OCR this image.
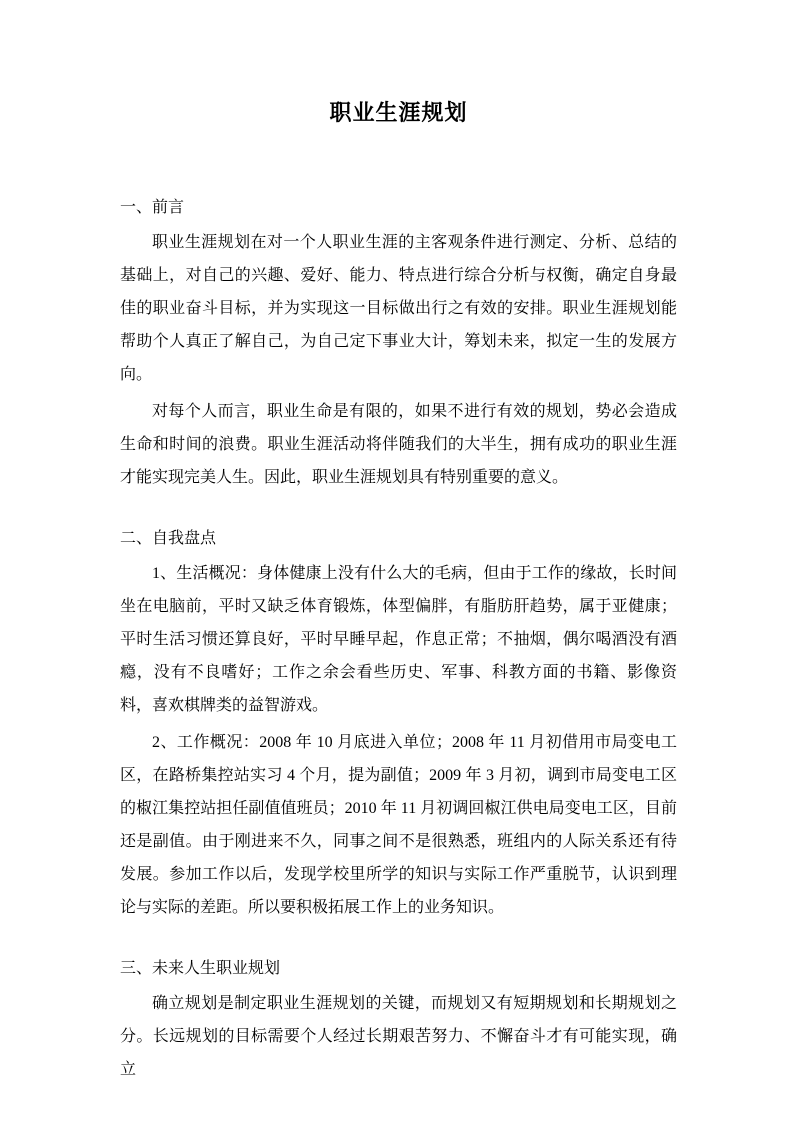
职业生涯规划
一、前言

职业生涯规划在对一个人职业生涯的主客观条件进行测定、分析、总结的基础上，对自己的兴趣、爱好、能力、特点进行综合分析与权衡，确定自身最佳的职业奋斗目标，并为实现这一目标做出行之有效的安排。职业生涯规划能帮助个人真正了解自己，为自己定下事业大计，筹划未来，拟定一生的发展方向。

对每个人而言，职业生命是有限的，如果不进行有效的规划，势必会造成生命和时间的浪费。职业生涯活动将伴随我们的大半生，拥有成功的职业生涯才能实现完美人生。因此，职业生涯规划具有特别重要的意义。

二、自我盘点

1、生活概况：身体健康上没有什么大的毛病，但由于工作的缘故，长时间坐在电脑前，平时又缺乏体育锻炼，体型偏胖，有脂肪肝趋势，属于亚健康；平时生活习惯还算良好，平时早睡早起，作息正常；不抽烟，偶尔喝酒没有酒瘾，没有不良嗜好；工作之余会看些历史、军事、科教方面的书籍、影像资料，喜欢棋牌类的益智游戏。

2、工作概况：2008 年 10 月底进入单位；2008 年 11 月初借用市局变电工区，在路桥集控站实习 4 个月，提为副值；2009 年 3 月初，调到市局变电工区的椒江集控站担任副值值班员；2010 年 11 月初调回椒江供电局变电工区，目前还是副值。由于刚进来不久，同事之间不是很熟悉，班组内的人际关系还有待发展。参加工作以后，发现学校里所学的知识与实际工作严重脱节，认识到理论与实际的差距。所以要积极拓展工作上的业务知识。

三、未来人生职业规划

确立规划是制定职业生涯规划的关键，而规划又有短期规划和长期规划之分。长远规划的目标需要个人经过长期艰苦努力、不懈奋斗才有可能实现，确立
